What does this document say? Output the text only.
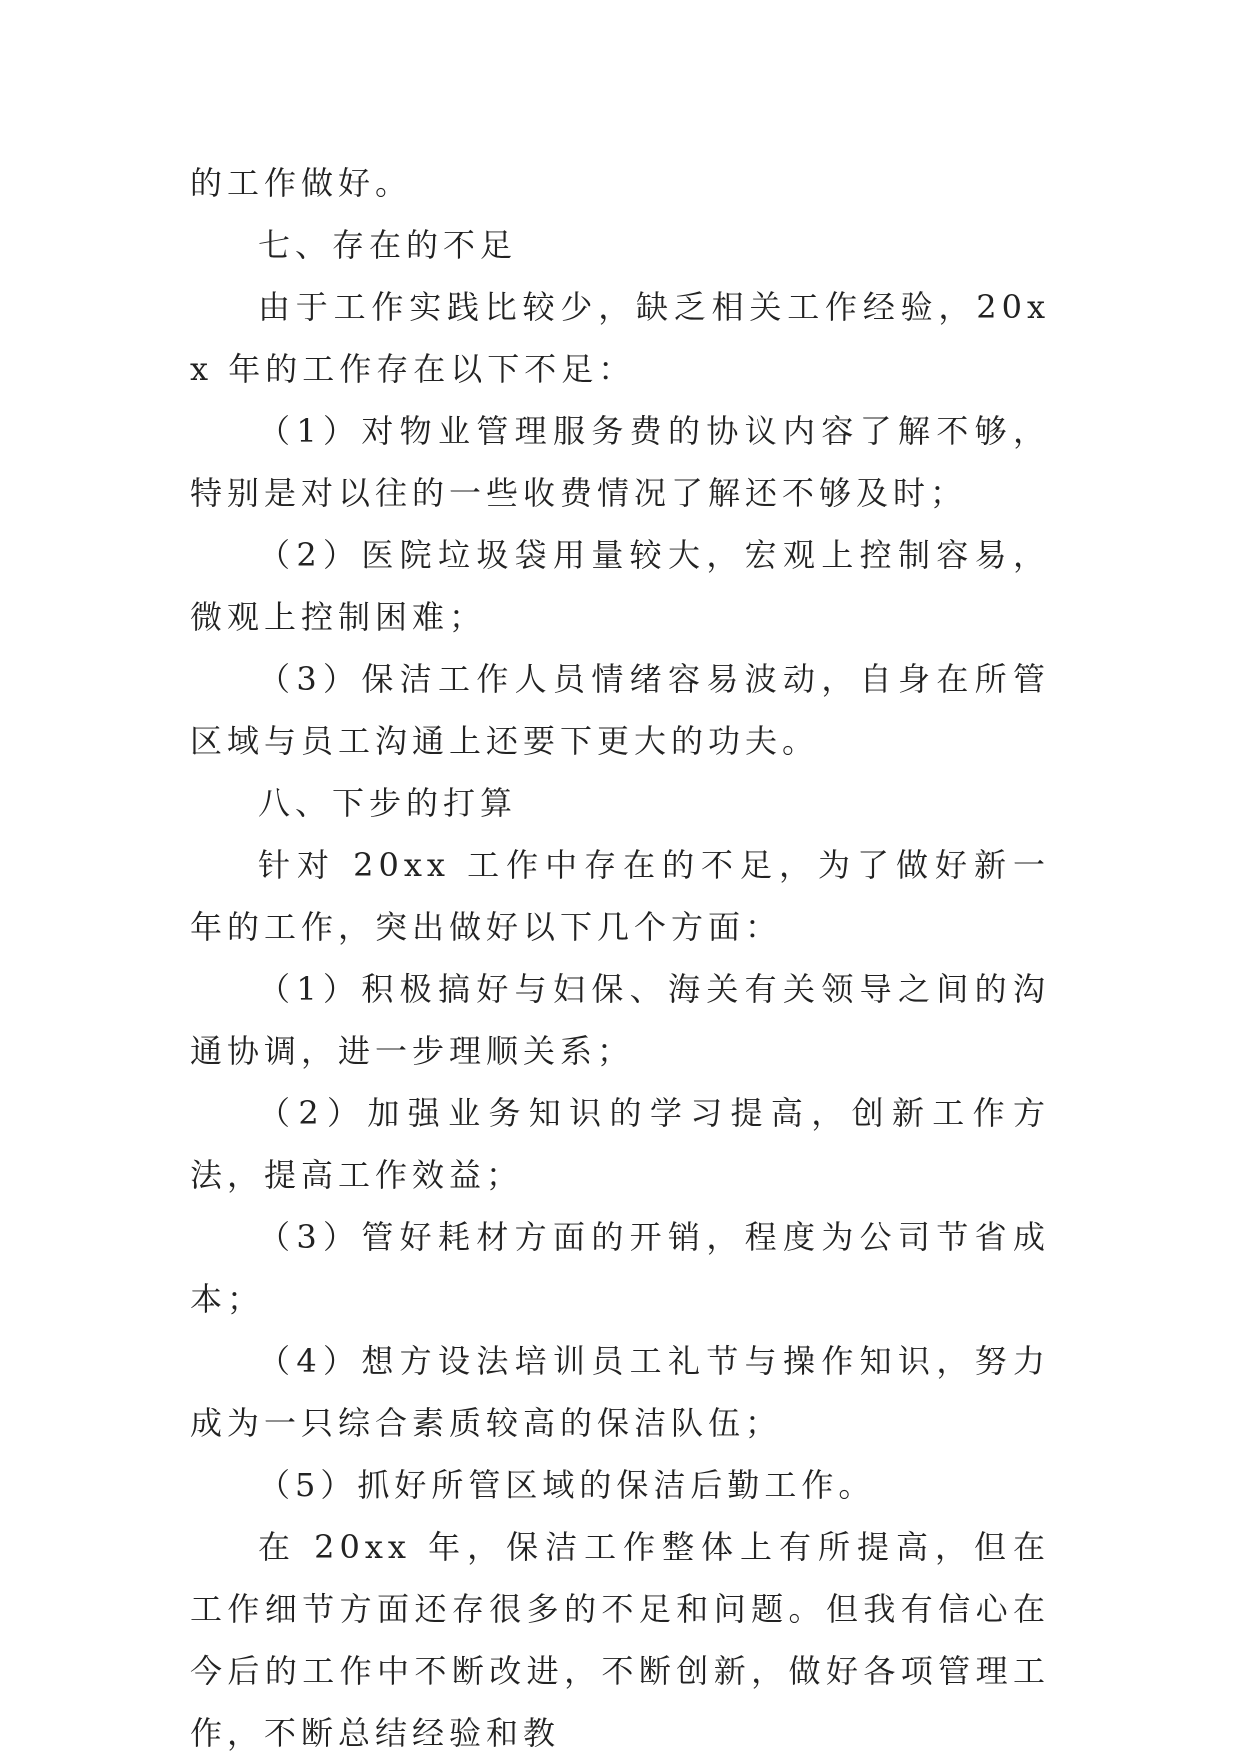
的工作做好。

七、存在的不足

由于工作实践比较少，缺乏相关工作经验，20xx 年的工作存在以下不足：

（1）对物业管理服务费的协议内容了解不够，特别是对以往的一些收费情况了解还不够及时；

（2）医院垃圾袋用量较大，宏观上控制容易，微观上控制困难；

（3）保洁工作人员情绪容易波动，自身在所管区域与员工沟通上还要下更大的功夫。

八、下步的打算

针对 20xx 工作中存在的不足，为了做好新一年的工作，突出做好以下几个方面：

（1）积极搞好与妇保、海关有关领导之间的沟通协调，进一步理顺关系；

（2）加强业务知识的学习提高，创新工作方法，提高工作效益；

（3）管好耗材方面的开销，程度为公司节省成本；

（4）想方设法培训员工礼节与操作知识，努力成为一只综合素质较高的保洁队伍；

（5）抓好所管区域的保洁后勤工作。

在 20xx 年，保洁工作整体上有所提高，但在工作细节方面还存很多的不足和问题。但我有信心在今后的工作中不断改进，不断创新，做好各项管理工作，不断总结经验和教
